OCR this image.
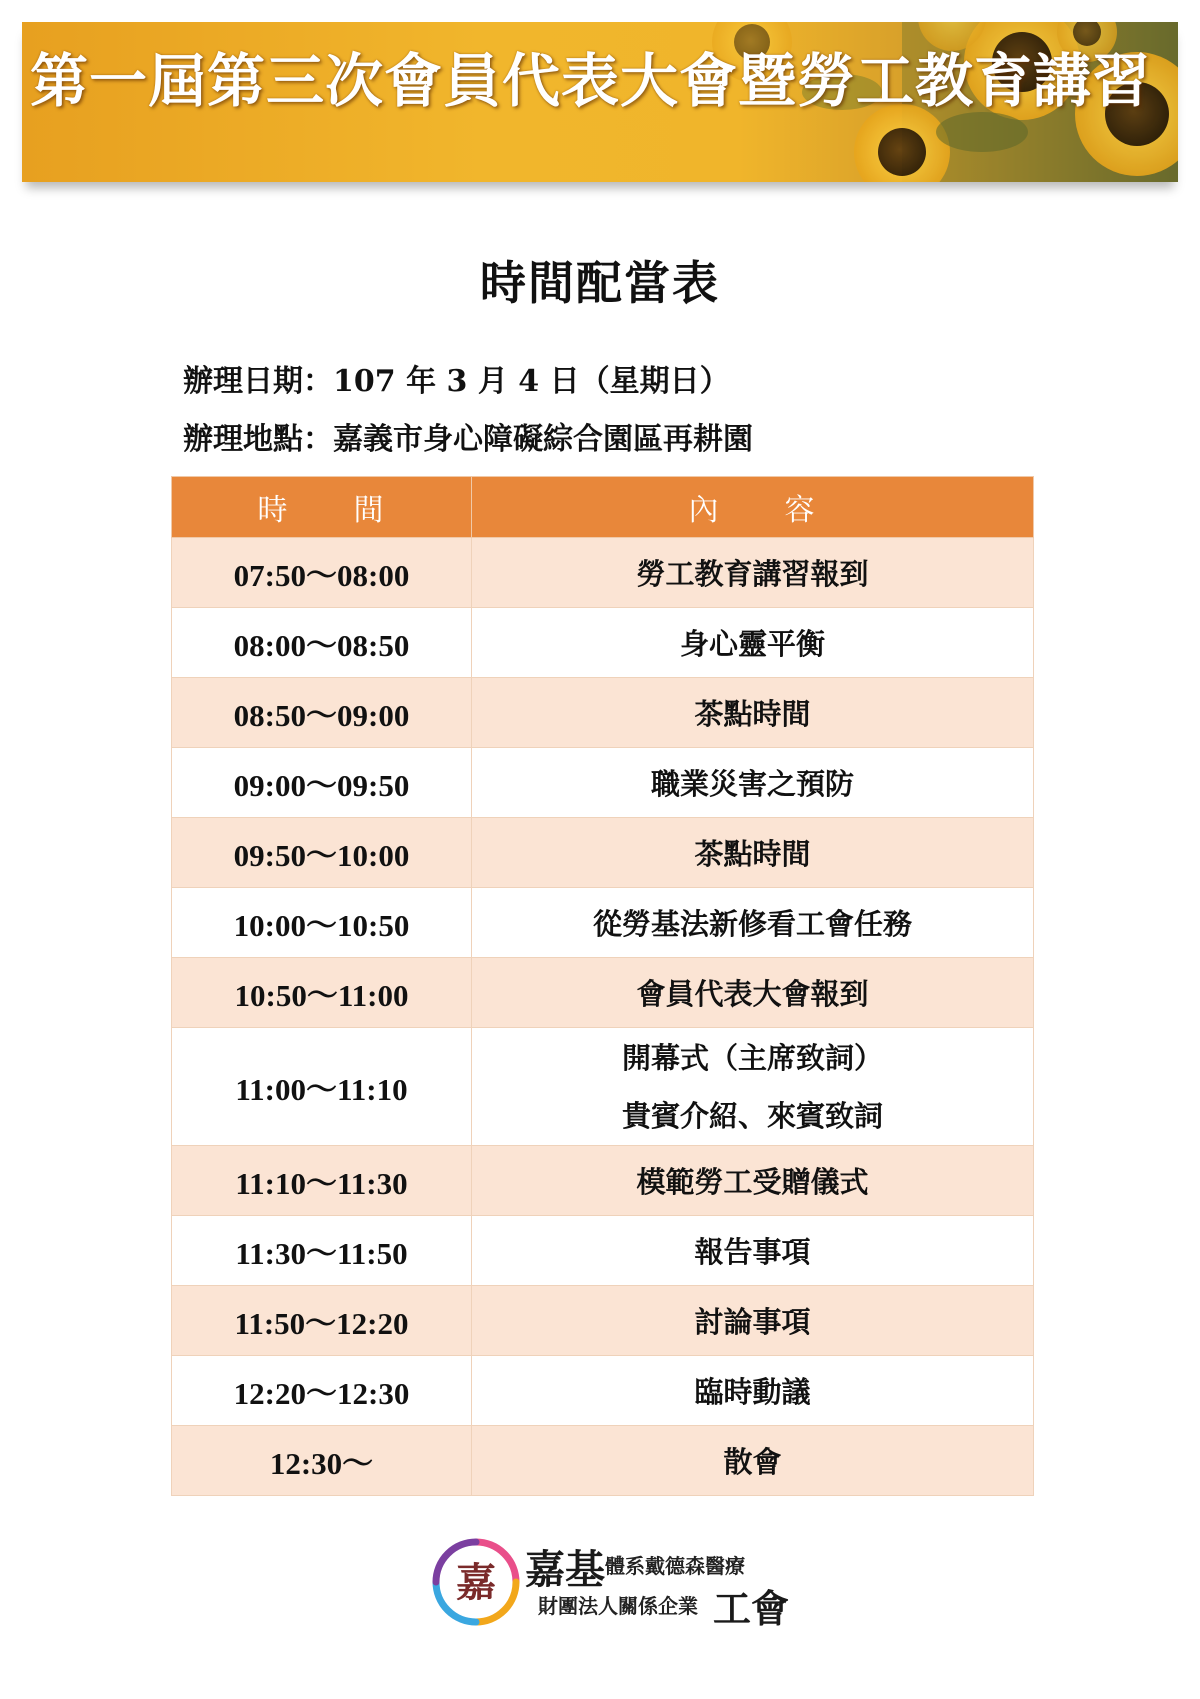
第一屆第三次會員代表大會暨勞工教育講習
時間配當表
辦理日期：107 年 3 月 4 日（星期日）
辦理地點：嘉義市身心障礙綜合園區再耕園
時　　間	內　　容
07:50～08:00	勞工教育講習報到
08:00～08:50	身心靈平衡
08:50～09:00	茶點時間
09:00～09:50	職業災害之預防
09:50～10:00	茶點時間
10:00～10:50	從勞基法新修看工會任務
10:50～11:00	會員代表大會報到
11:00～11:10	開幕式（主席致詞）
貴賓介紹、來賓致詞

11:10～11:30	模範勞工受贈儀式
11:30～11:50	報告事項
11:50～12:20	討論事項
12:20～12:30	臨時動議
12:30～	散會
嘉 嘉基 體系戴德森醫療
財團法人關係企業 工會
